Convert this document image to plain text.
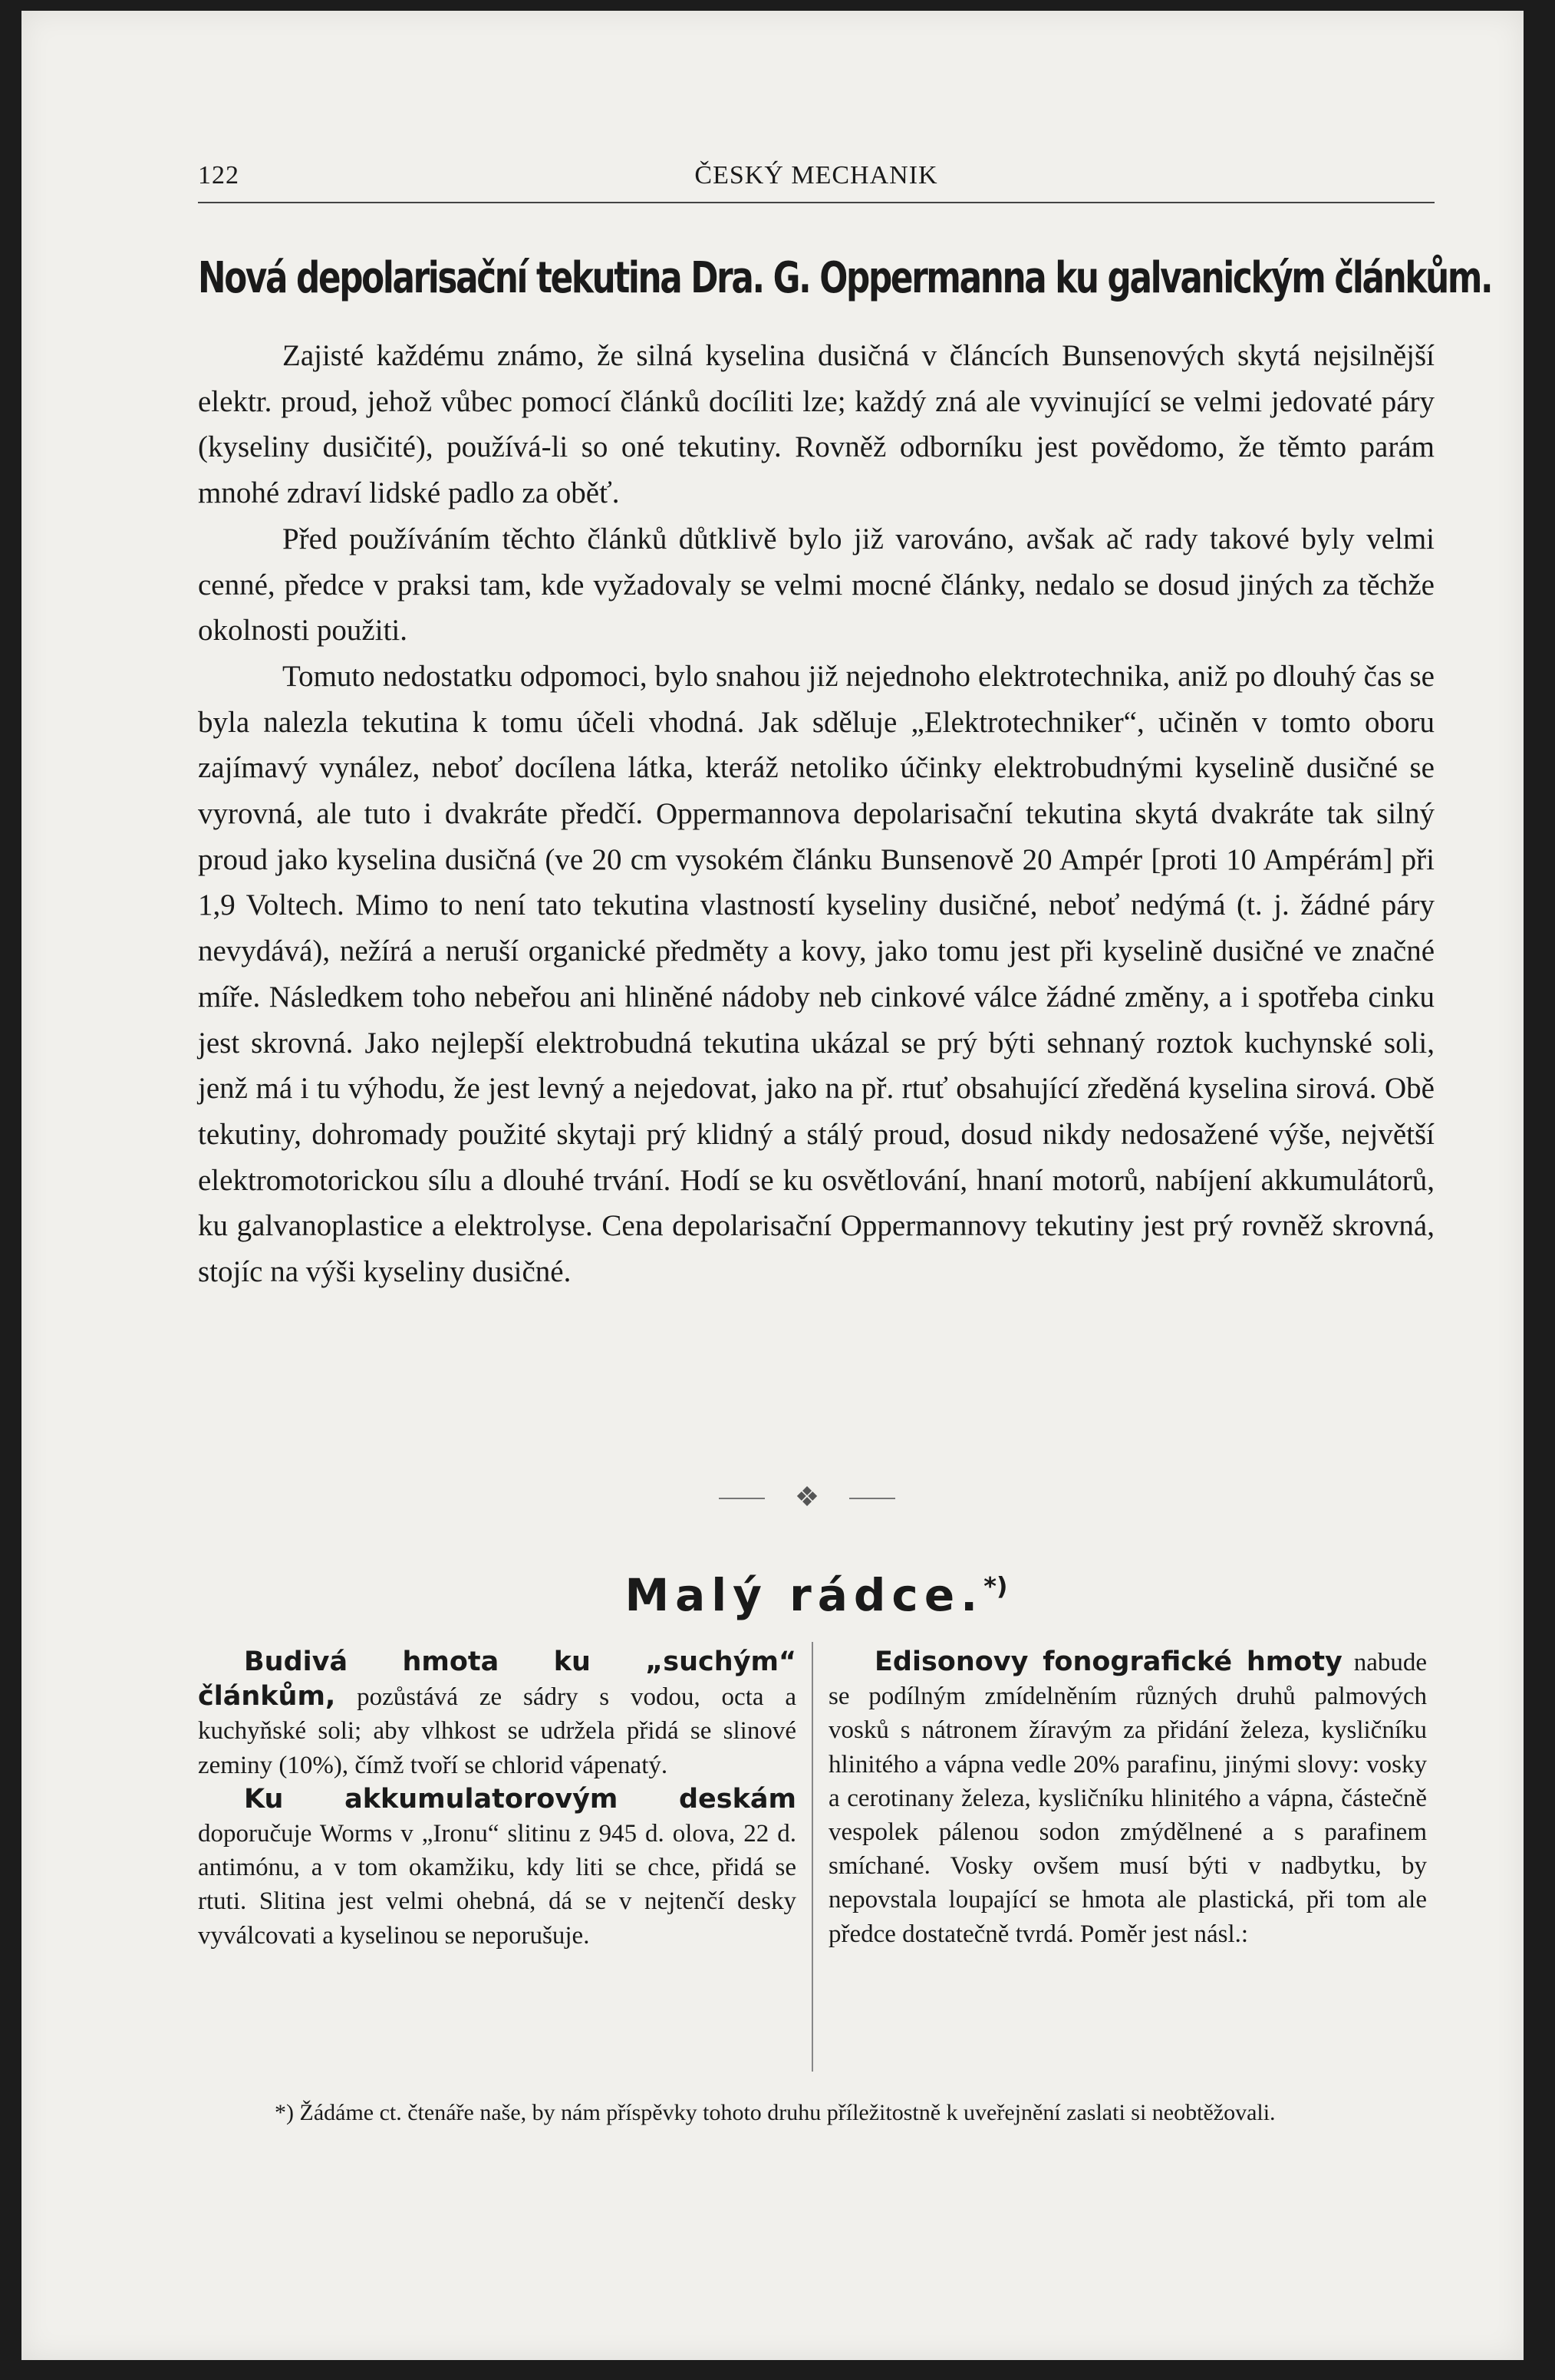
122	ČESKÝ MECHANIK
Nová depolarisační tekutina Dra. G. Oppermanna ku galvanickým článkům.

Zajisté každému známo, že silná kyselina dusičná v článcích Bunsenových skytá nejsilnější elektr. proud, jehož vůbec pomocí článků docíliti lze; každý zná ale vyvinující se velmi jedovaté páry (kyseliny dusičité), používá-li so oné tekutiny. Rovněž odborníku jest povědomo, že těmto parám mnohé zdraví lidské padlo za oběť.

Před používáním těchto článků důtklivě bylo již varováno, avšak ač rady takové byly velmi cenné, předce v praksi tam, kde vyžadovaly se velmi mocné články, nedalo se dosud jiných za těchže okolnosti použiti.

Tomuto nedostatku odpomoci, bylo snahou již nejednoho elektrotechnika, aniž po dlouhý čas se byla nalezla tekutina k tomu účeli vhodná. Jak sděluje „Elektrotechniker“, učiněn v tomto oboru zajímavý vynález, neboť docílena látka, kteráž netoliko účinky elektrobudnými kyselině dusičné se vyrovná, ale tuto i dvakráte předčí. Oppermannova depolarisační tekutina skytá dvakráte tak silný proud jako kyselina dusičná (ve 20 cm vysokém článku Bunsenově 20 Ampér [proti 10 Ampérám] při 1,9 Voltech. Mimo to není tato tekutina vlastností kyseliny dusičné, neboť nedýmá (t. j. žádné páry nevydává), nežírá a neruší organické předměty a kovy, jako tomu jest při kyselině dusičné ve značné míře. Následkem toho nebeřou ani hliněné nádoby neb cinkové válce žádné změny, a i spotřeba cinku jest skrovná. Jako nejlepší elektrobudná tekutina ukázal se prý býti sehnaný roztok kuchynské soli, jenž má i tu výhodu, že jest levný a nejedovat, jako na př. rtuť obsahující zředěná kyselina sirová. Obě tekutiny, dohromady použité skytaji prý klidný a stálý proud, dosud nikdy nedosažené výše, největší elektromotorickou sílu a dlouhé trvání. Hodí se ku osvětlování, hnaní motorů, nabíjení akkumulátorů, ku galvanoplastice a elektrolyse. Cena depolarisační Oppermannovy tekutiny jest prý rovněž skrovná, stojíc na výši kyseliny dusičné.

❖
Malý rádce.*)

Budivá hmota ku „suchým“ článkům, pozůstává ze sádry s vodou, octa a kuchyňské soli; aby vlhkost se udržela přidá se slinové zeminy (10%), čímž tvoří se chlorid vápenatý.

Ku akkumulatorovým deskám doporučuje Worms v „Ironu“ slitinu z 945 d. olova, 22 d. antimónu, a v tom okamžiku, kdy liti se chce, přidá se rtuti. Slitina jest velmi ohebná, dá se v nejtenčí desky vyválcovati a kyselinou se neporušuje.

Edisonovy fonografické hmoty nabude se podílným zmídelněním různých druhů palmových vosků s nátronem žíravým za přidání železa, kysličníku hlinitého a vápna vedle 20% parafinu, jinými slovy: vosky a cerotinany železa, kysličníku hlinitého a vápna, částečně vespolek pálenou sodon zmýdělnené a s parafinem smíchané. Vosky ovšem musí býti v nadbytku, by nepovstala loupající se hmota ale plastická, při tom ale předce dostatečně tvrdá. Poměr jest násl.:

*) Žádáme ct. čtenáře naše, by nám příspěvky tohoto druhu příležitostně k uveřejnění zaslati si neobtěžovali.
